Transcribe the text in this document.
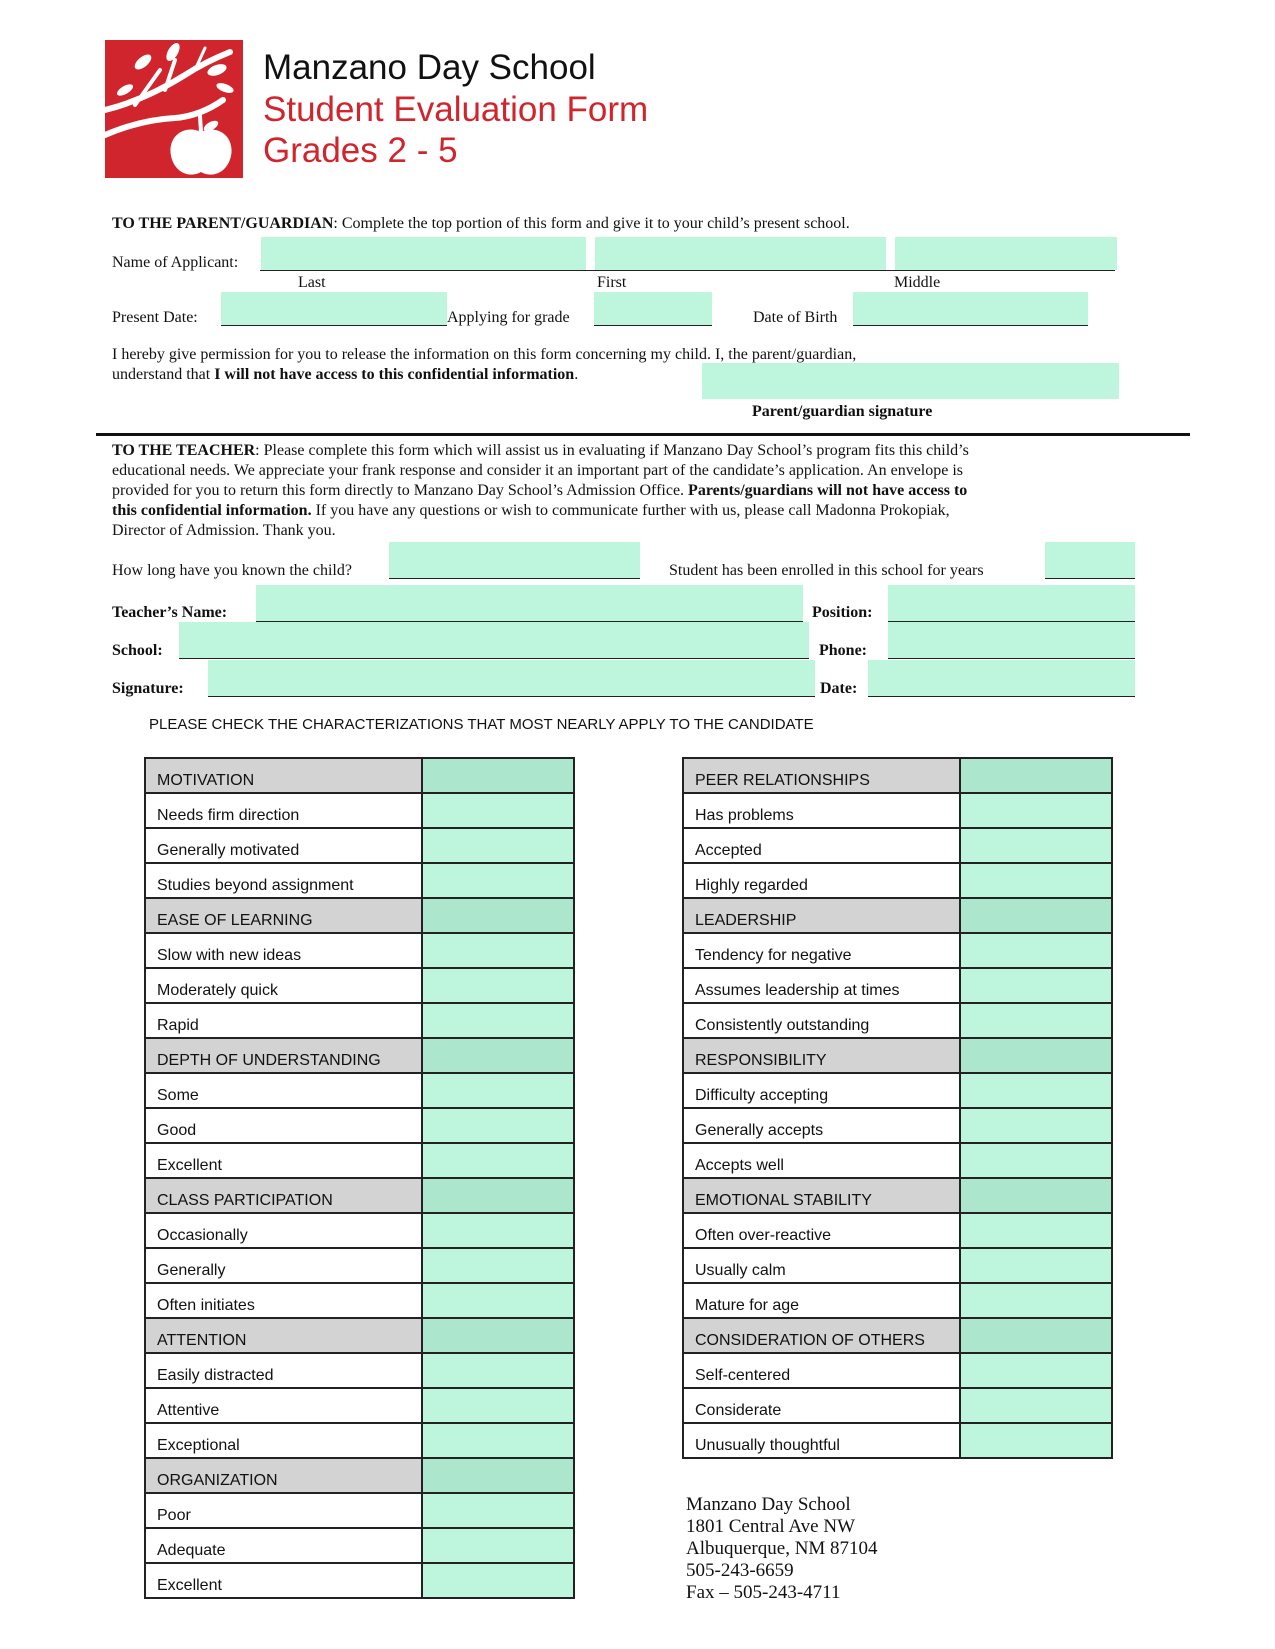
Manzano Day School
Student Evaluation Form
Grades 2 - 5
TO THE PARENT/GUARDIAN: Complete the top portion of this form and give it to your child’s present school.
Name of Applicant:
Last	First	Middle
Present Date:	Applying for grade	Date of Birth
I hereby give permission for you to release the information on this form concerning my child. I, the parent/guardian,
understand that I will not have access to this confidential information.
Parent/guardian signature
TO THE TEACHER: Please complete this form which will assist us in evaluating if Manzano Day School’s program fits this child’s
educational needs. We appreciate your frank response and consider it an important part of the candidate’s application. An envelope is
provided for you to return this form directly to Manzano Day School’s Admission Office. Parents/guardians will not have access to
this confidential information. If you have any questions or wish to communicate further with us, please call Madonna Prokopiak,
Director of Admission. Thank you.
How long have you known the child?	Student has been enrolled in this school for years
Teacher’s Name:	Position:
School:	Phone:
Signature:	Date:
PLEASE CHECK THE CHARACTERIZATIONS THAT MOST NEARLY APPLY TO THE CANDIDATE
MOTIVATION	
Needs firm direction	
Generally motivated	
Studies beyond assignment	
EASE OF LEARNING	
Slow with new ideas	
Moderately quick	
Rapid	
DEPTH OF UNDERSTANDING	
Some	
Good	
Excellent	
CLASS PARTICIPATION	
Occasionally	
Generally	
Often initiates	
ATTENTION	
Easily distracted	
Attentive	
Exceptional	
ORGANIZATION	
Poor	
Adequate	
Excellent	
PEER RELATIONSHIPS	
Has problems	
Accepted	
Highly regarded	
LEADERSHIP	
Tendency for negative	
Assumes leadership at times	
Consistently outstanding	
RESPONSIBILITY	
Difficulty accepting	
Generally accepts	
Accepts well	
EMOTIONAL STABILITY	
Often over-reactive	
Usually calm	
Mature for age	
CONSIDERATION OF OTHERS	
Self-centered	
Considerate	
Unusually thoughtful	
Manzano Day School
1801 Central Ave NW
Albuquerque, NM 87104
505-243-6659
Fax – 505-243-4711
